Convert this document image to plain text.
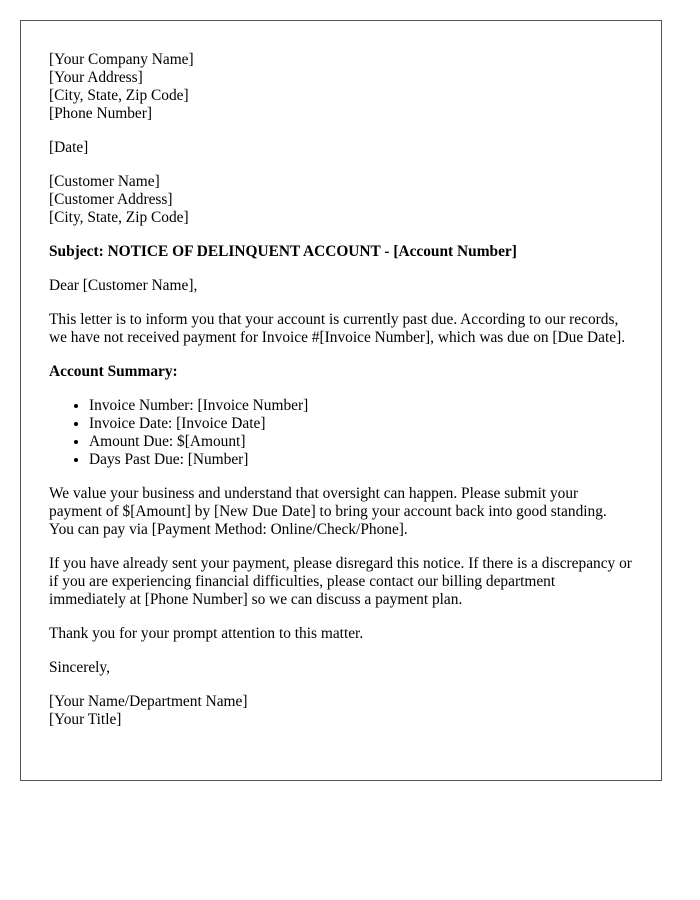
[Your Company Name]
[Your Address]
[City, State, Zip Code]
[Phone Number]
[Date]
[Customer Name]
[Customer Address]
[City, State, Zip Code]
Subject: NOTICE OF DELINQUENT ACCOUNT - [Account Number]

Dear [Customer Name],

This letter is to inform you that your account is currently past due. According to our records, we have not received payment for Invoice #[Invoice Number], which was due on [Due Date].

Account Summary:
• Invoice Number: [Invoice Number]
• Invoice Date: [Invoice Date]
• Amount Due: $[Amount]
• Days Past Due: [Number]

We value your business and understand that oversight can happen. Please submit your payment of $[Amount] by [New Due Date] to bring your account back into good standing. You can pay via [Payment Method: Online/Check/Phone].

If you have already sent your payment, please disregard this notice. If there is a discrepancy or if you are experiencing financial difficulties, please contact our billing department immediately at [Phone Number] so we can discuss a payment plan.

Thank you for your prompt attention to this matter.

Sincerely,

[Your Name/Department Name]
[Your Title]
